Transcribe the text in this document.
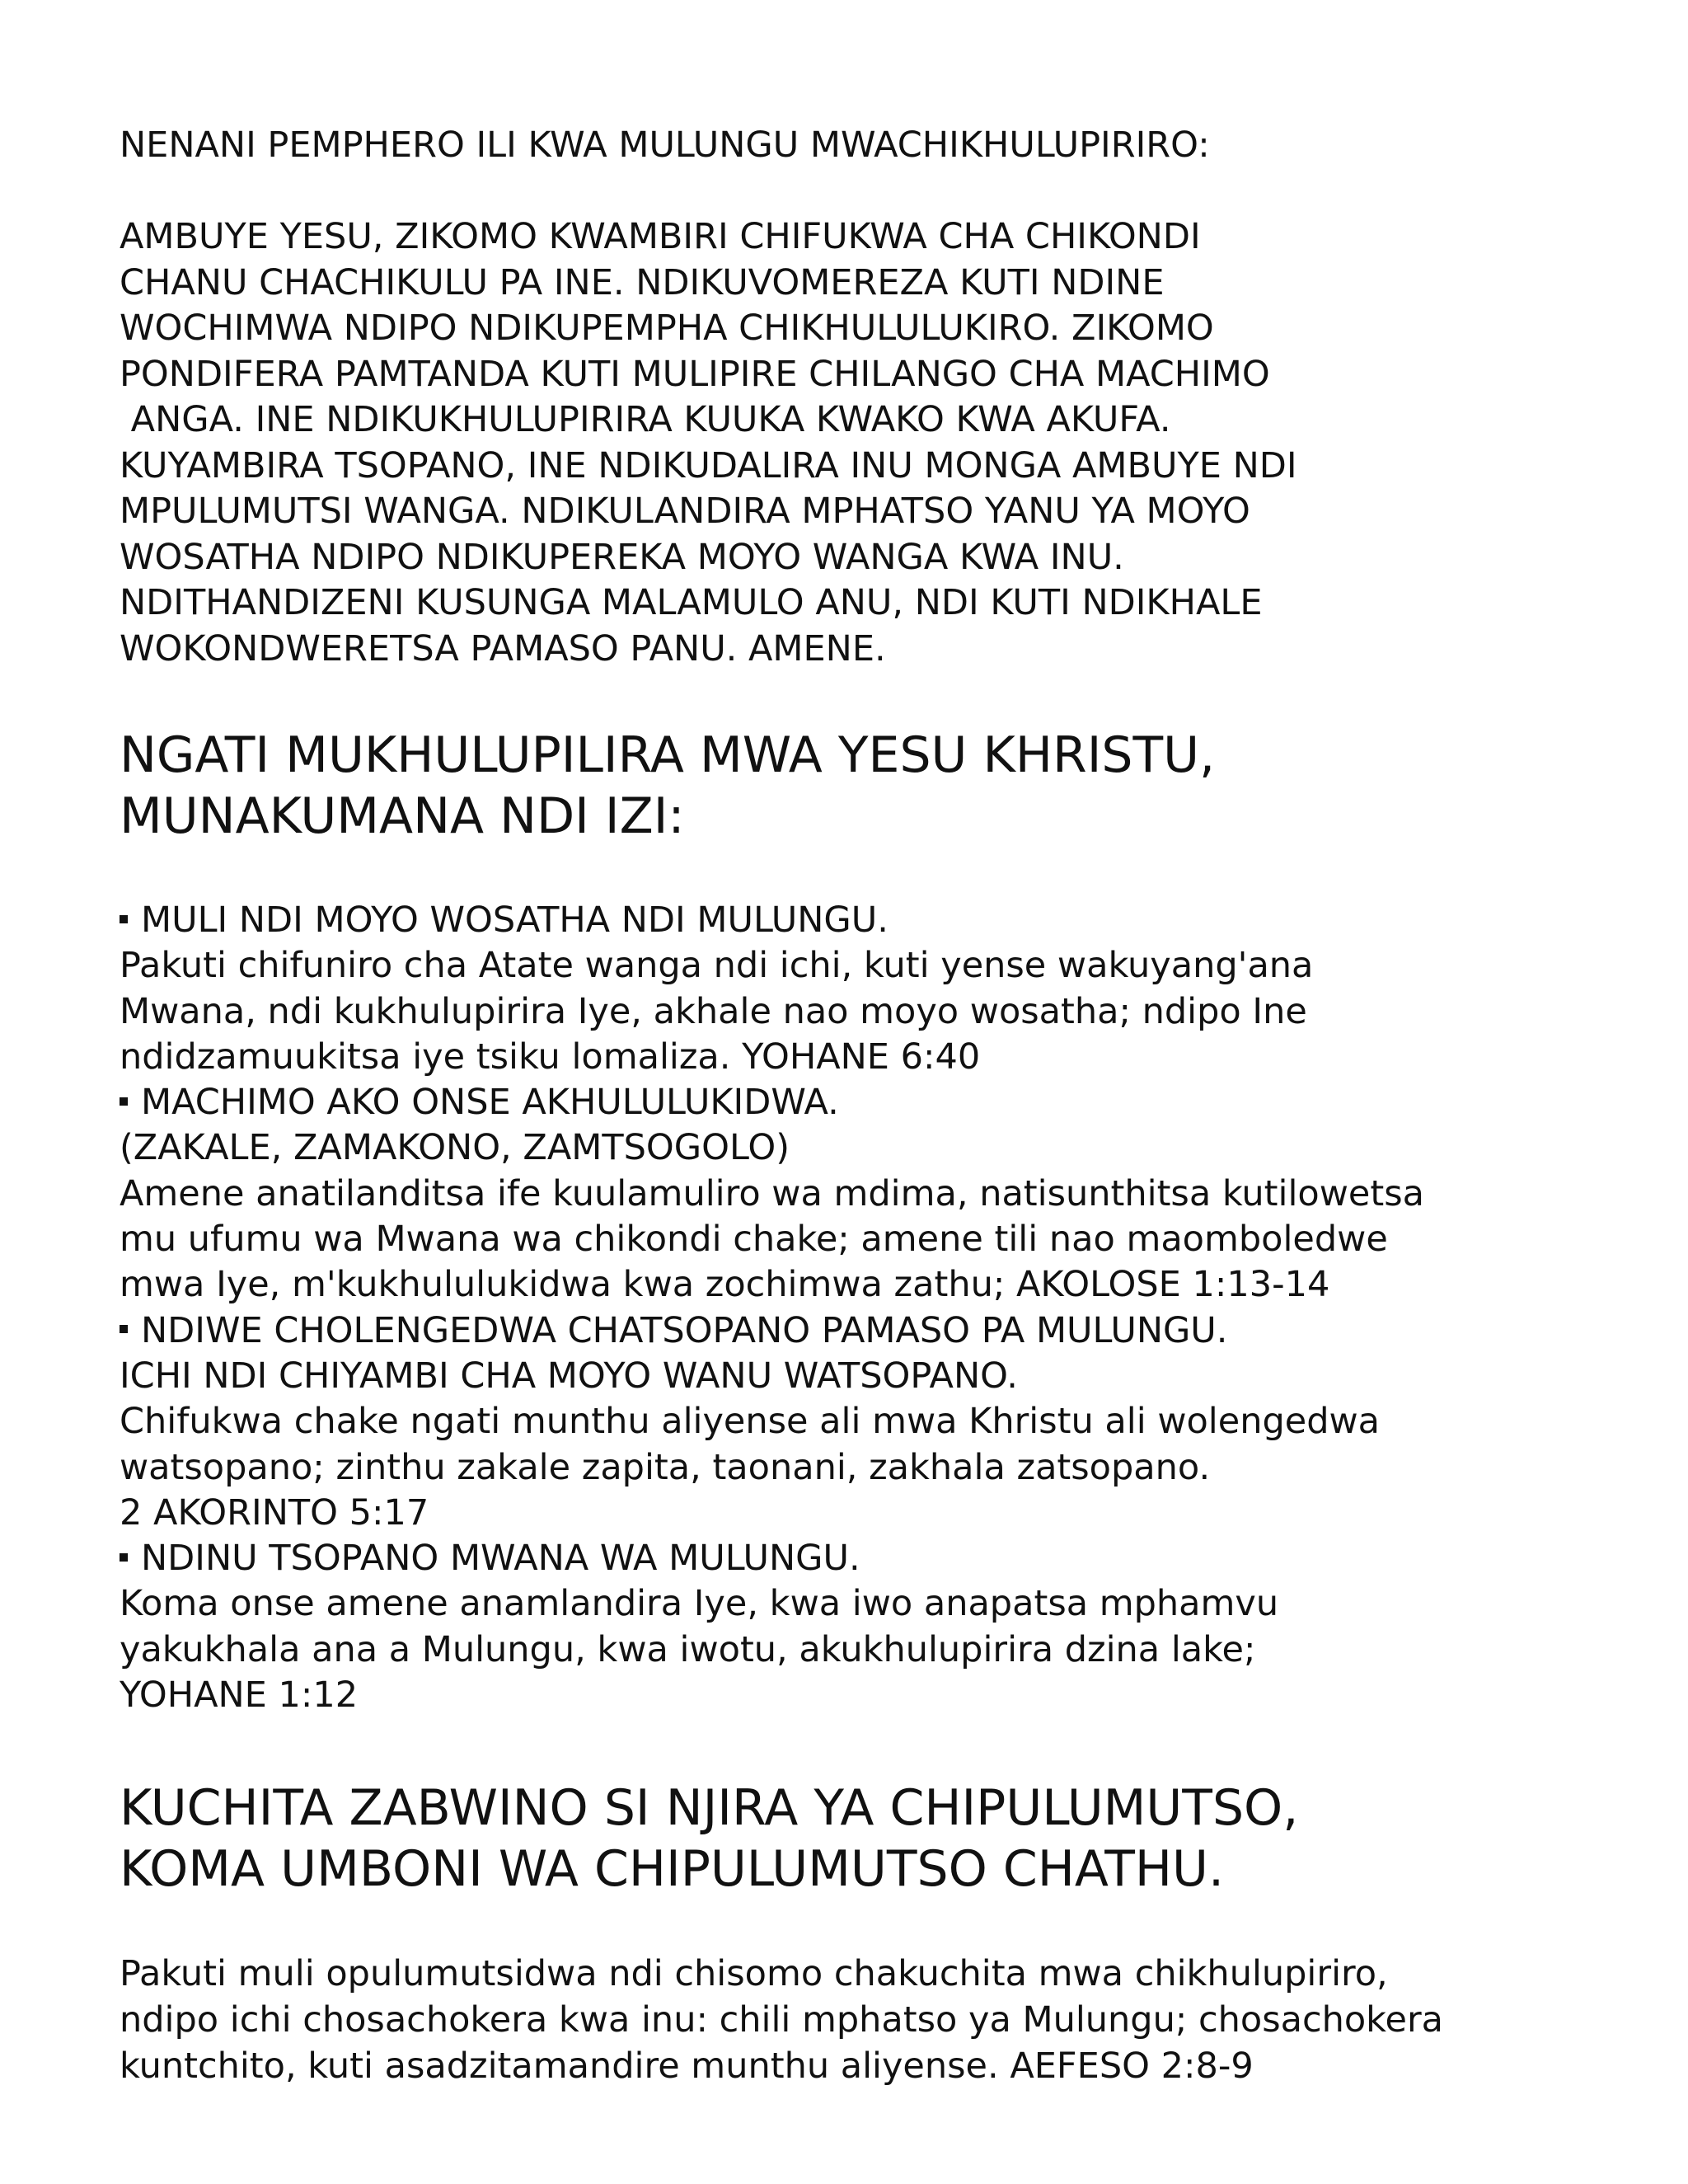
NENANI PEMPHERO ILI KWA MULUNGU MWACHIKHULUPIRIRO:

AMBUYE YESU, ZIKOMO KWAMBIRI CHIFUKWA CHA CHIKONDI
CHANU CHACHIKULU PA INE. NDIKUVOMEREZA KUTI NDINE
WOCHIMWA NDIPO NDIKUPEMPHA CHIKHULULUKIRO. ZIKOMO
PONDIFERA PAMTANDA KUTI MULIPIRE CHILANGO CHA MACHIMO
ANGA. INE NDIKUKHULUPIRIRA KUUKA KWAKO KWA AKUFA.
KUYAMBIRA TSOPANO, INE NDIKUDALIRA INU MONGA AMBUYE NDI
MPULUMUTSI WANGA. NDIKULANDIRA MPHATSO YANU YA MOYO
WOSATHA NDIPO NDIKUPEREKA MOYO WANGA KWA INU.
NDITHANDIZENI KUSUNGA MALAMULO ANU, NDI KUTI NDIKHALE
WOKONDWERETSA PAMASO PANU. AMENE.
NGATI MUKHULUPILIRA MWA YESU KHRISTU,
MUNAKUMANA NDI IZI:
MULI NDI MOYO WOSATHA NDI MULUNGU.
Pakuti chifuniro cha Atate wanga ndi ichi, kuti yense wakuyang'ana
Mwana, ndi kukhulupirira Iye, akhale nao moyo wosatha; ndipo Ine
ndidzamuukitsa iye tsiku lomaliza. YOHANE 6:40
MACHIMO AKO ONSE AKHULULUKIDWA.
(ZAKALE, ZAMAKONO, ZAMTSOGOLO)
Amene anatilanditsa ife kuulamuliro wa mdima, natisunthitsa kutilowetsa
mu ufumu wa Mwana wa chikondi chake; amene tili nao maomboledwe
mwa Iye, m'kukhululukidwa kwa zochimwa zathu; AKOLOSE 1:13-14
NDIWE CHOLENGEDWA CHATSOPANO PAMASO PA MULUNGU.
ICHI NDI CHIYAMBI CHA MOYO WANU WATSOPANO.
Chifukwa chake ngati munthu aliyense ali mwa Khristu ali wolengedwa
watsopano; zinthu zakale zapita, taonani, zakhala zatsopano.
2 AKORINTO 5:17
NDINU TSOPANO MWANA WA MULUNGU.
Koma onse amene anamlandira Iye, kwa iwo anapatsa mphamvu
yakukhala ana a Mulungu, kwa iwotu, akukhulupirira dzina lake;
YOHANE 1:12
KUCHITA ZABWINO SI NJIRA YA CHIPULUMUTSO,
KOMA UMBONI WA CHIPULUMUTSO CHATHU.
Pakuti muli opulumutsidwa ndi chisomo chakuchita mwa chikhulupiriro,
ndipo ichi chosachokera kwa inu: chili mphatso ya Mulungu; chosachokera
kuntchito, kuti asadzitamandire munthu aliyense. AEFESO 2:8-9
